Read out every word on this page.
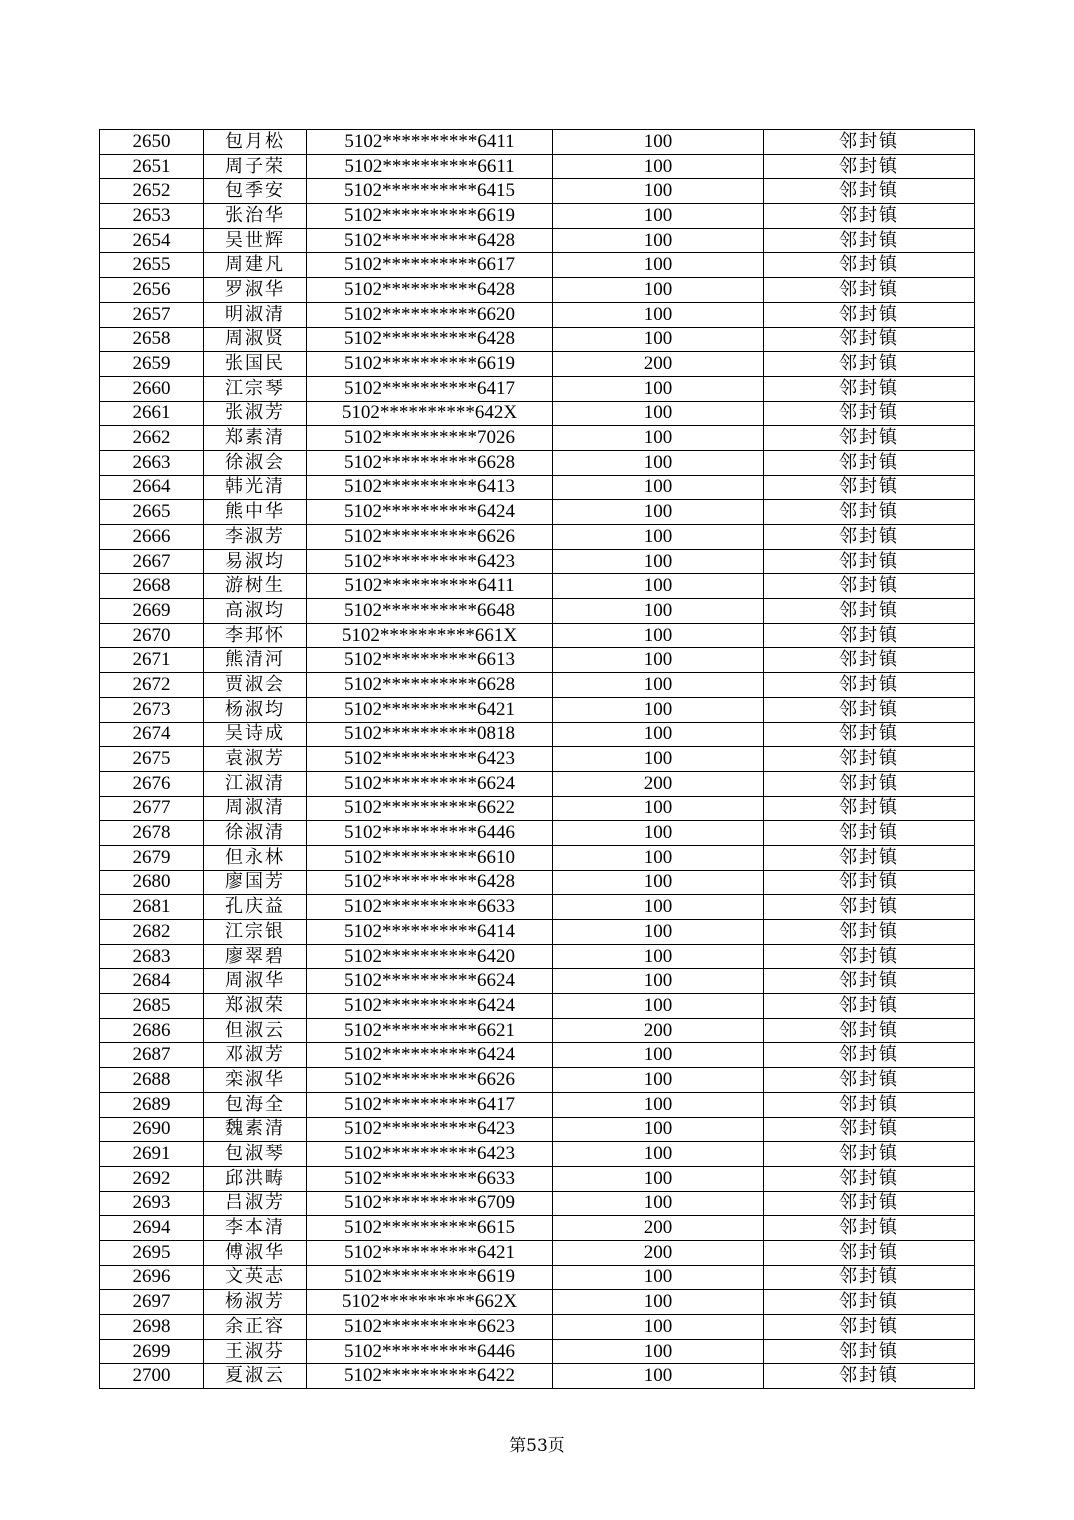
2650	包月松	5102**********6411	100	邻封镇
2651	周子荣	5102**********6611	100	邻封镇
2652	包季安	5102**********6415	100	邻封镇
2653	张治华	5102**********6619	100	邻封镇
2654	吴世辉	5102**********6428	100	邻封镇
2655	周建凡	5102**********6617	100	邻封镇
2656	罗淑华	5102**********6428	100	邻封镇
2657	明淑清	5102**********6620	100	邻封镇
2658	周淑贤	5102**********6428	100	邻封镇
2659	张国民	5102**********6619	200	邻封镇
2660	江宗琴	5102**********6417	100	邻封镇
2661	张淑芳	5102**********642X	100	邻封镇
2662	郑素清	5102**********7026	100	邻封镇
2663	徐淑会	5102**********6628	100	邻封镇
2664	韩光清	5102**********6413	100	邻封镇
2665	熊中华	5102**********6424	100	邻封镇
2666	李淑芳	5102**********6626	100	邻封镇
2667	易淑均	5102**********6423	100	邻封镇
2668	游树生	5102**********6411	100	邻封镇
2669	高淑均	5102**********6648	100	邻封镇
2670	李邦怀	5102**********661X	100	邻封镇
2671	熊清河	5102**********6613	100	邻封镇
2672	贾淑会	5102**********6628	100	邻封镇
2673	杨淑均	5102**********6421	100	邻封镇
2674	吴诗成	5102**********0818	100	邻封镇
2675	袁淑芳	5102**********6423	100	邻封镇
2676	江淑清	5102**********6624	200	邻封镇
2677	周淑清	5102**********6622	100	邻封镇
2678	徐淑清	5102**********6446	100	邻封镇
2679	但永林	5102**********6610	100	邻封镇
2680	廖国芳	5102**********6428	100	邻封镇
2681	孔庆益	5102**********6633	100	邻封镇
2682	江宗银	5102**********6414	100	邻封镇
2683	廖翠碧	5102**********6420	100	邻封镇
2684	周淑华	5102**********6624	100	邻封镇
2685	郑淑荣	5102**********6424	100	邻封镇
2686	但淑云	5102**********6621	200	邻封镇
2687	邓淑芳	5102**********6424	100	邻封镇
2688	栾淑华	5102**********6626	100	邻封镇
2689	包海全	5102**********6417	100	邻封镇
2690	魏素清	5102**********6423	100	邻封镇
2691	包淑琴	5102**********6423	100	邻封镇
2692	邱洪畴	5102**********6633	100	邻封镇
2693	吕淑芳	5102**********6709	100	邻封镇
2694	李本清	5102**********6615	200	邻封镇
2695	傅淑华	5102**********6421	200	邻封镇
2696	文英志	5102**********6619	100	邻封镇
2697	杨淑芳	5102**********662X	100	邻封镇
2698	余正容	5102**********6623	100	邻封镇
2699	王淑芬	5102**********6446	100	邻封镇
2700	夏淑云	5102**********6422	100	邻封镇
第53页
